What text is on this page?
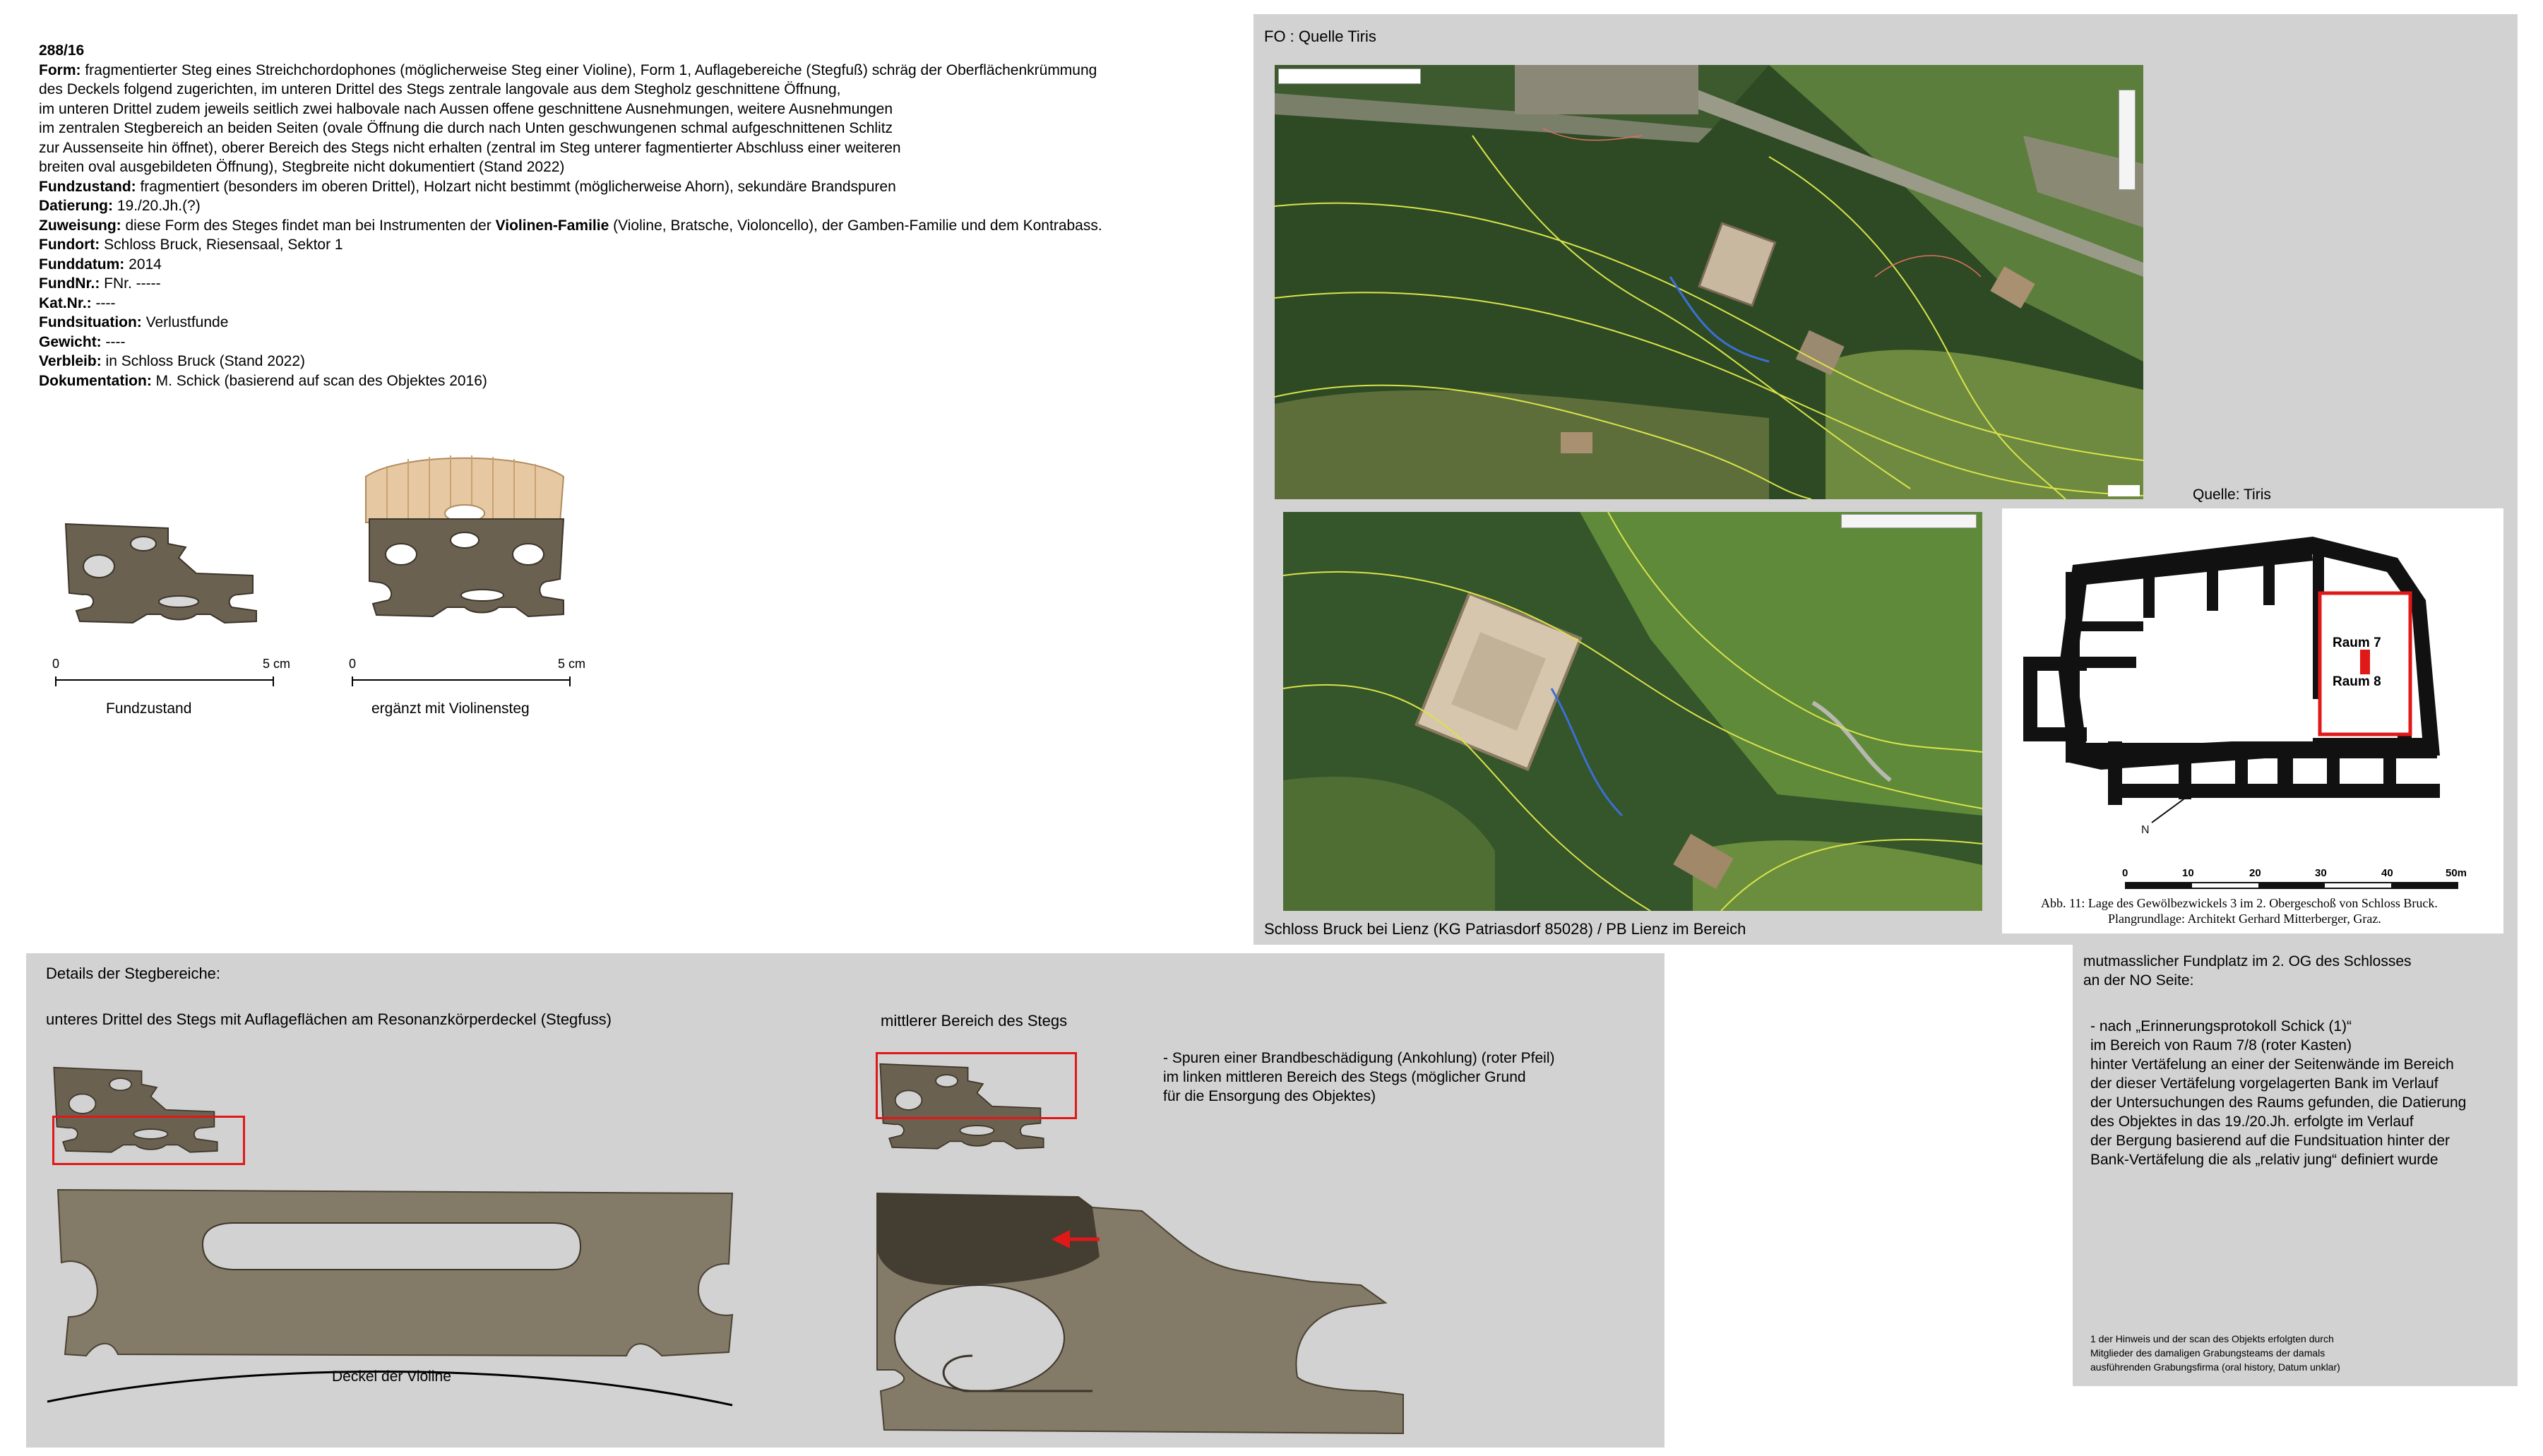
288/16
Form: fragmentierter Steg eines Streichchordophones (möglicherweise Steg einer Violine), Form 1, Auflagebereiche (Stegfuß) schräg der Oberflächenkrümmung
des Deckels folgend zugerichten, im unteren Drittel des Stegs zentrale langovale aus dem Stegholz geschnittene Öffnung,
im unteren Drittel zudem jeweils seitlich zwei halbovale nach Aussen offene geschnittene Ausnehmungen, weitere Ausnehmungen
im zentralen Stegbereich an beiden Seiten (ovale Öffnung die durch nach Unten geschwungenen schmal aufgeschnittenen Schlitz
zur Aussenseite hin öffnet), oberer Bereich des Stegs nicht erhalten (zentral im Steg unterer fagmentierter Abschluss einer weiteren
breiten oval ausgebildeten Öffnung), Stegbreite nicht dokumentiert (Stand 2022)
Fundzustand: fragmentiert (besonders im oberen Drittel), Holzart nicht bestimmt (möglicherweise Ahorn), sekundäre Brandspuren
Datierung: 19./20.Jh.(?)
Zuweisung: diese Form des Steges findet man bei Instrumenten der Violinen-Familie (Violine, Bratsche, Violoncello), der Gamben-Familie und dem Kontrabass.
Fundort: Schloss Bruck, Riesensaal, Sektor 1
Funddatum: 2014
FundNr.: FNr. -----
Kat.Nr.: ----
Fundsituation: Verlustfunde
Gewicht: ----
Verbleib: in Schloss Bruck (Stand 2022)
Dokumentation: M. Schick (basierend auf scan des Objektes 2016)
0	5 cm
Fundzustand
0	5 cm
ergänzt mit Violinensteg
FO : Quelle Tiris
Schloss Bruck bei Lienz (KG Patriasdorf 85028) / PB Lienz im Bereich
Quelle: Tiris
N
Raum 7
Raum 8
0	10	20	30	40	50m
Abb. 11: Lage des Gewölbezwickels 3 im 2. Obergeschoß von Schloss Bruck.
Plangrundlage: Architekt Gerhard Mitterberger, Graz.
Details der Stegbereiche:
unteres Drittel des Stegs mit Auflageflächen am Resonanzkörperdeckel (Stegfuss)	mittlerer Bereich des Stegs
- Spuren einer Brandbeschädigung (Ankohlung) (roter Pfeil)
im linken mittleren Bereich des Stegs (möglicher Grund
für die Ensorgung des Objektes)
Deckel der Violine
mutmasslicher Fundplatz im 2. OG des Schlosses
an der NO Seite:
- nach „Erinnerungsprotokoll Schick (1)“
im Bereich von Raum 7/8 (roter Kasten)
hinter Vertäfelung an einer der Seitenwände im Bereich
der dieser Vertäfelung vorgelagerten Bank im Verlauf
der Untersuchungen des Raums gefunden, die Datierung
des Objektes in das 19./20.Jh. erfolgte im Verlauf
der Bergung basierend auf die Fundsituation hinter der
Bank-Vertäfelung die als „relativ jung“ definiert wurde
1 der Hinweis und der scan des Objekts erfolgten durch
Mitglieder des damaligen Grabungsteams der damals
ausführenden Grabungsfirma (oral history, Datum unklar)
